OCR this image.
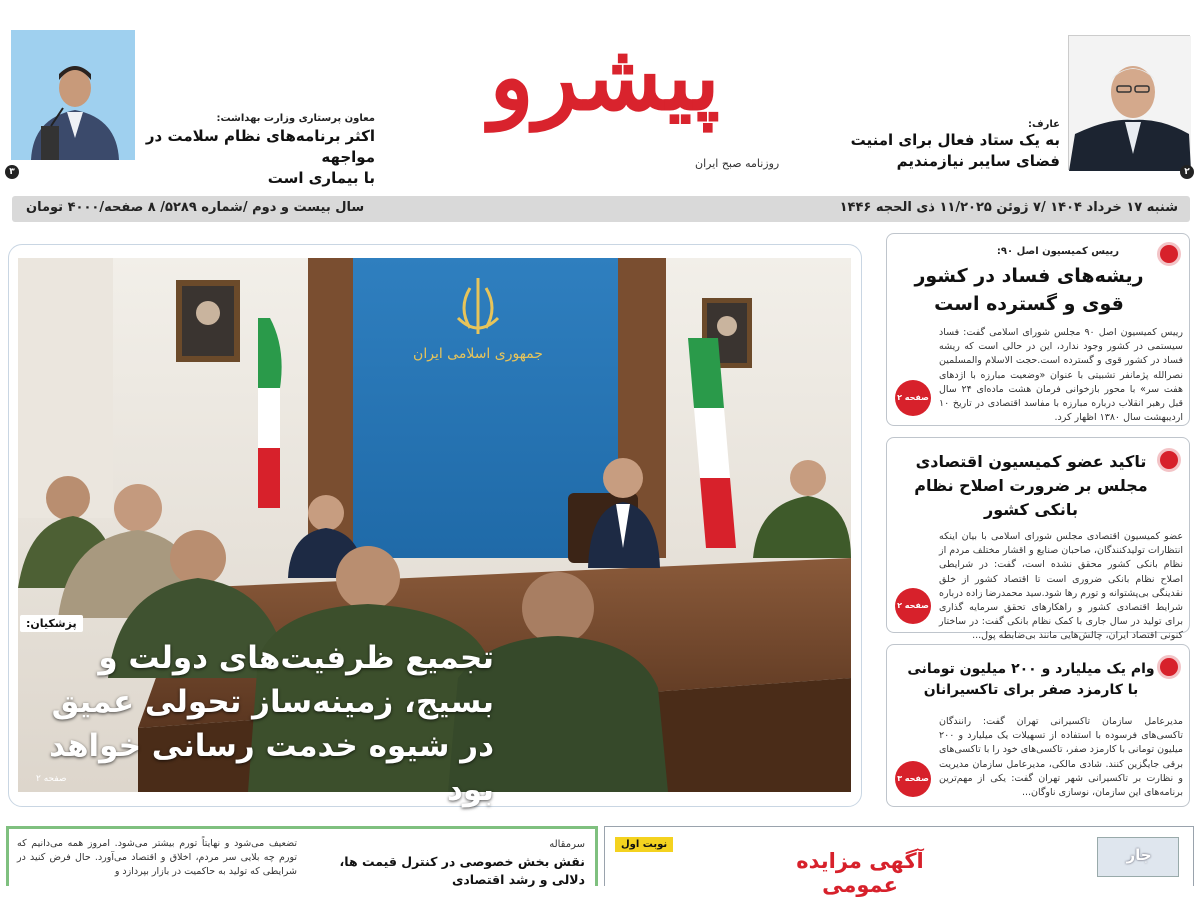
۳
معاون پرستاری وزارت بهداشت:
اکثر برنامه‌های نظام سلامت در مواجهه
با بیماری است
پیشرو
روزنامه صبح ایران
عارف:
به یک ستاد فعال برای امنیت
فضای سایبر نیازمندیم
۲
سال بیست و دوم /شماره ۵۲۸۹/ ۸ صفحه/۴۰۰۰ تومان	شنبه ۱۷ خرداد ۱۴۰۴ /۷ ژوئن ۱۱/۲۰۲۵ ذی الحجه ۱۴۴۶
جمهوری اسلامی ایران
پزشکیان:
تجمیع ظرفیت‌های دولت و بسیج، زمینه‌ساز تحولی عمیق در شیوه خدمت رسانی خواهد بود
صفحه ۲
رییس کمیسیون اصل ۹۰:
ریشه‌های فساد در کشور قوی و گسترده است
رییس کمیسیون اصل ۹۰ مجلس شورای اسلامی گفت: فساد سیستمی در کشور وجود ندارد، این در حالی است که ریشه فساد در کشور قوی و گسترده است.حجت الاسلام والمسلمین نصرالله پژمانفر تشبیتی با عنوان «وضعیت مبارزه با اژدهای هفت سر» با محور بازخوانی فرمان هشت ماده‌ای ۲۴ سال قبل رهبر انقلاب درباره مبارزه با مفاسد اقتصادی در تاریخ ۱۰ اردیبهشت سال ۱۳۸۰ اظهار کرد.
صفحه ۲
تاکید عضو کمیسیون اقتصادی مجلس بر ضرورت اصلاح نظام بانکی کشور
عضو کمیسیون اقتصادی مجلس شورای اسلامی با بیان اینکه انتظارات تولیدکنندگان، صاحبان صنایع و اقشار مختلف مردم از نظام بانکی کشور محقق نشده است، گفت: در شرایطی اصلاح نظام بانکی ضروری است تا اقتصاد کشور از خلق نقدینگی بی‌پشتوانه و تورم رها شود.سید محمدرضا زاده درباره شرایط اقتصادی کشور و راهکارهای تحقق سرمایه گذاری برای تولید در سال جاری با کمک نظام بانکی گفت: در ساختار کنونی اقتصاد ایران، چالش‌هایی مانند بی‌ضابطه پول...
صفحه ۲
وام یک میلیارد و ۲۰۰ میلیون تومانی با کارمزد صفر برای تاکسیرانان
مدیرعامل سازمان تاکسیرانی تهران گفت: رانندگان تاکسی‌های فرسوده با استفاده از تسهیلات یک میلیارد و ۲۰۰ میلیون تومانی با کارمزد صفر، تاکسی‌های خود را با تاکسی‌های برقی جایگزین کنند. شادی مالکی، مدیرعامل سازمان مدیریت و نظارت بر تاکسیرانی شهر تهران گفت: یکی از مهم‌ترین برنامه‌های این سازمان، نوسازی ناوگان...
صفحه ۳
سرمقاله
نقش بخش خصوصی در کنترل قیمت ها، دلالی و رشد اقتصادی
تضعیف می‌شود و نهایتاً تورم بیشتر می‌شود. امروز همه می‌دانیم که تورم چه بلایی سر مردم، اخلاق و اقتصاد می‌آورد. حال فرض کنید در شرایطی که تولید به حاکمیت در بازار بپردازد و
نوبت اول
آگهی مزایده عمومی
جار
